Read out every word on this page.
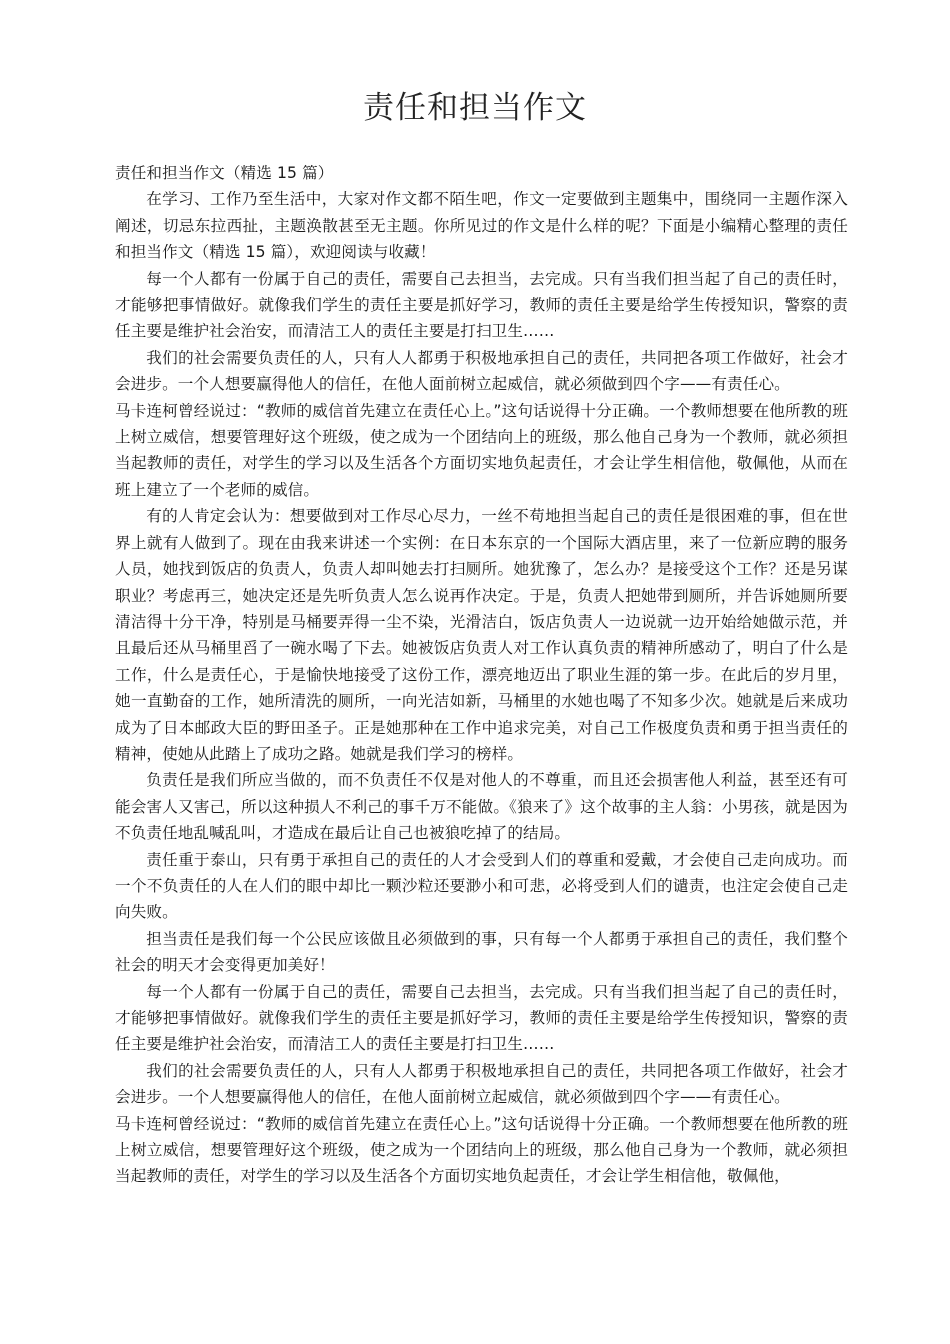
责任和担当作文

责任和担当作文（精选 15 篇）

在学习、工作乃至生活中，大家对作文都不陌生吧，作文一定要做到主题集中，围绕同一主题作深入阐述，切忌东拉西扯，主题涣散甚至无主题。你所见过的作文是什么样的呢？下面是小编精心整理的责任和担当作文（精选 15 篇），欢迎阅读与收藏！

每一个人都有一份属于自己的责任，需要自己去担当，去完成。只有当我们担当起了自己的责任时，才能够把事情做好。就像我们学生的责任主要是抓好学习，教师的责任主要是给学生传授知识，警察的责任主要是维护社会治安，而清洁工人的责任主要是打扫卫生……

我们的社会需要负责任的人，只有人人都勇于积极地承担自己的责任，共同把各项工作做好，社会才会进步。一个人想要赢得他人的信任，在他人面前树立起威信，就必须做到四个字——有责任心。

马卡连柯曾经说过：“教师的威信首先建立在责任心上。”这句话说得十分正确。一个教师想要在他所教的班上树立威信，想要管理好这个班级，使之成为一个团结向上的班级，那么他自己身为一个教师，就必须担当起教师的责任，对学生的学习以及生活各个方面切实地负起责任，才会让学生相信他，敬佩他，从而在班上建立了一个老师的威信。

有的人肯定会认为：想要做到对工作尽心尽力，一丝不苟地担当起自己的责任是很困难的事，但在世界上就有人做到了。现在由我来讲述一个实例：在日本东京的一个国际大酒店里，来了一位新应聘的服务人员，她找到饭店的负责人，负责人却叫她去打扫厕所。她犹豫了，怎么办？是接受这个工作？还是另谋职业？考虑再三，她决定还是先听负责人怎么说再作决定。于是，负责人把她带到厕所，并告诉她厕所要清洁得十分干净，特别是马桶要弄得一尘不染，光滑洁白，饭店负责人一边说就一边开始给她做示范，并且最后还从马桶里舀了一碗水喝了下去。她被饭店负责人对工作认真负责的精神所感动了，明白了什么是工作，什么是责任心，于是愉快地接受了这份工作，漂亮地迈出了职业生涯的第一步。在此后的岁月里，她一直勤奋的工作，她所清洗的厕所，一向光洁如新，马桶里的水她也喝了不知多少次。她就是后来成功成为了日本邮政大臣的野田圣子。正是她那种在工作中追求完美，对自己工作极度负责和勇于担当责任的精神，使她从此踏上了成功之路。她就是我们学习的榜样。

负责任是我们所应当做的，而不负责任不仅是对他人的不尊重，而且还会损害他人利益，甚至还有可能会害人又害己，所以这种损人不利己的事千万不能做。《狼来了》这个故事的主人翁：小男孩，就是因为不负责任地乱喊乱叫，才造成在最后让自己也被狼吃掉了的结局。

责任重于泰山，只有勇于承担自己的责任的人才会受到人们的尊重和爱戴，才会使自己走向成功。而一个不负责任的人在人们的眼中却比一颗沙粒还要渺小和可悲，必将受到人们的谴责，也注定会使自己走向失败。

担当责任是我们每一个公民应该做且必须做到的事，只有每一个人都勇于承担自己的责任，我们整个社会的明天才会变得更加美好！

每一个人都有一份属于自己的责任，需要自己去担当，去完成。只有当我们担当起了自己的责任时，才能够把事情做好。就像我们学生的责任主要是抓好学习，教师的责任主要是给学生传授知识，警察的责任主要是维护社会治安，而清洁工人的责任主要是打扫卫生……

我们的社会需要负责任的人，只有人人都勇于积极地承担自己的责任，共同把各项工作做好，社会才会进步。一个人想要赢得他人的信任，在他人面前树立起威信，就必须做到四个字——有责任心。

马卡连柯曾经说过：“教师的威信首先建立在责任心上。”这句话说得十分正确。一个教师想要在他所教的班上树立威信，想要管理好这个班级，使之成为一个团结向上的班级，那么他自己身为一个教师，就必须担当起教师的责任，对学生的学习以及生活各个方面切实地负起责任，才会让学生相信他，敬佩他，
